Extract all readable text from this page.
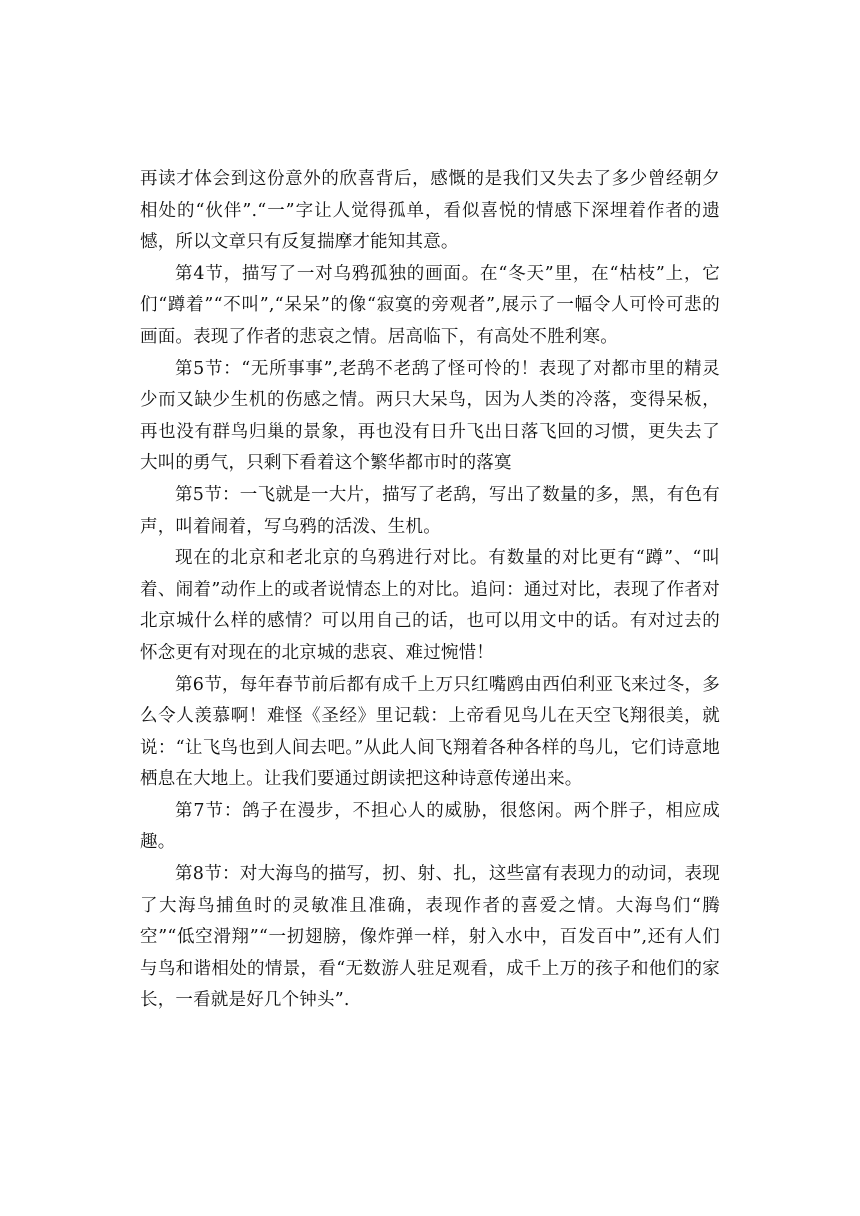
再读才体会到这份意外的欣喜背后，感慨的是我们又失去了多少曾经朝夕相处的“伙伴”.“一”字让人觉得孤单，看似喜悦的情感下深埋着作者的遗憾，所以文章只有反复揣摩才能知其意。

第4节，描写了一对乌鸦孤独的画面。在“冬天”里，在“枯枝”上，它们“蹲着”“不叫”,“呆呆”的像“寂寞的旁观者”,展示了一幅令人可怜可悲的画面。表现了作者的悲哀之情。居高临下，有高处不胜利寒。

第5节：“无所事事”,老鸹不老鸹了怪可怜的！表现了对都市里的精灵少而又缺少生机的伤感之情。两只大呆鸟，因为人类的冷落，变得呆板，再也没有群鸟归巢的景象，再也没有日升飞出日落飞回的习惯，更失去了大叫的勇气，只剩下看着这个繁华都市时的落寞

第5节：一飞就是一大片，描写了老鸹，写出了数量的多，黑，有色有声，叫着闹着，写乌鸦的活泼、生机。

现在的北京和老北京的乌鸦进行对比。有数量的对比更有“蹲”、“叫着、闹着”动作上的或者说情态上的对比。追问：通过对比，表现了作者对北京城什么样的感情？可以用自己的话，也可以用文中的话。有对过去的怀念更有对现在的北京城的悲哀、难过惋惜！

第6节，每年春节前后都有成千上万只红嘴鸥由西伯利亚飞来过冬，多么令人羡慕啊！难怪《圣经》里记载：上帝看见鸟儿在天空飞翔很美，就说：“让飞鸟也到人间去吧。”从此人间飞翔着各种各样的鸟儿，它们诗意地栖息在大地上。让我们要通过朗读把这种诗意传递出来。

第7节：鸽子在漫步，不担心人的威胁，很悠闲。两个胖子，相应成趣。

第8节：对大海鸟的描写，扨、射、扎，这些富有表现力的动词，表现了大海鸟捕鱼时的灵敏准且准确，表现作者的喜爱之情。大海鸟们“腾空”“低空滑翔”“一扨翅膀，像炸弹一样，射入水中，百发百中”,还有人们与鸟和谐相处的情景，看“无数游人驻足观看，成千上万的孩子和他们的家长，一看就是好几个钟头”.
